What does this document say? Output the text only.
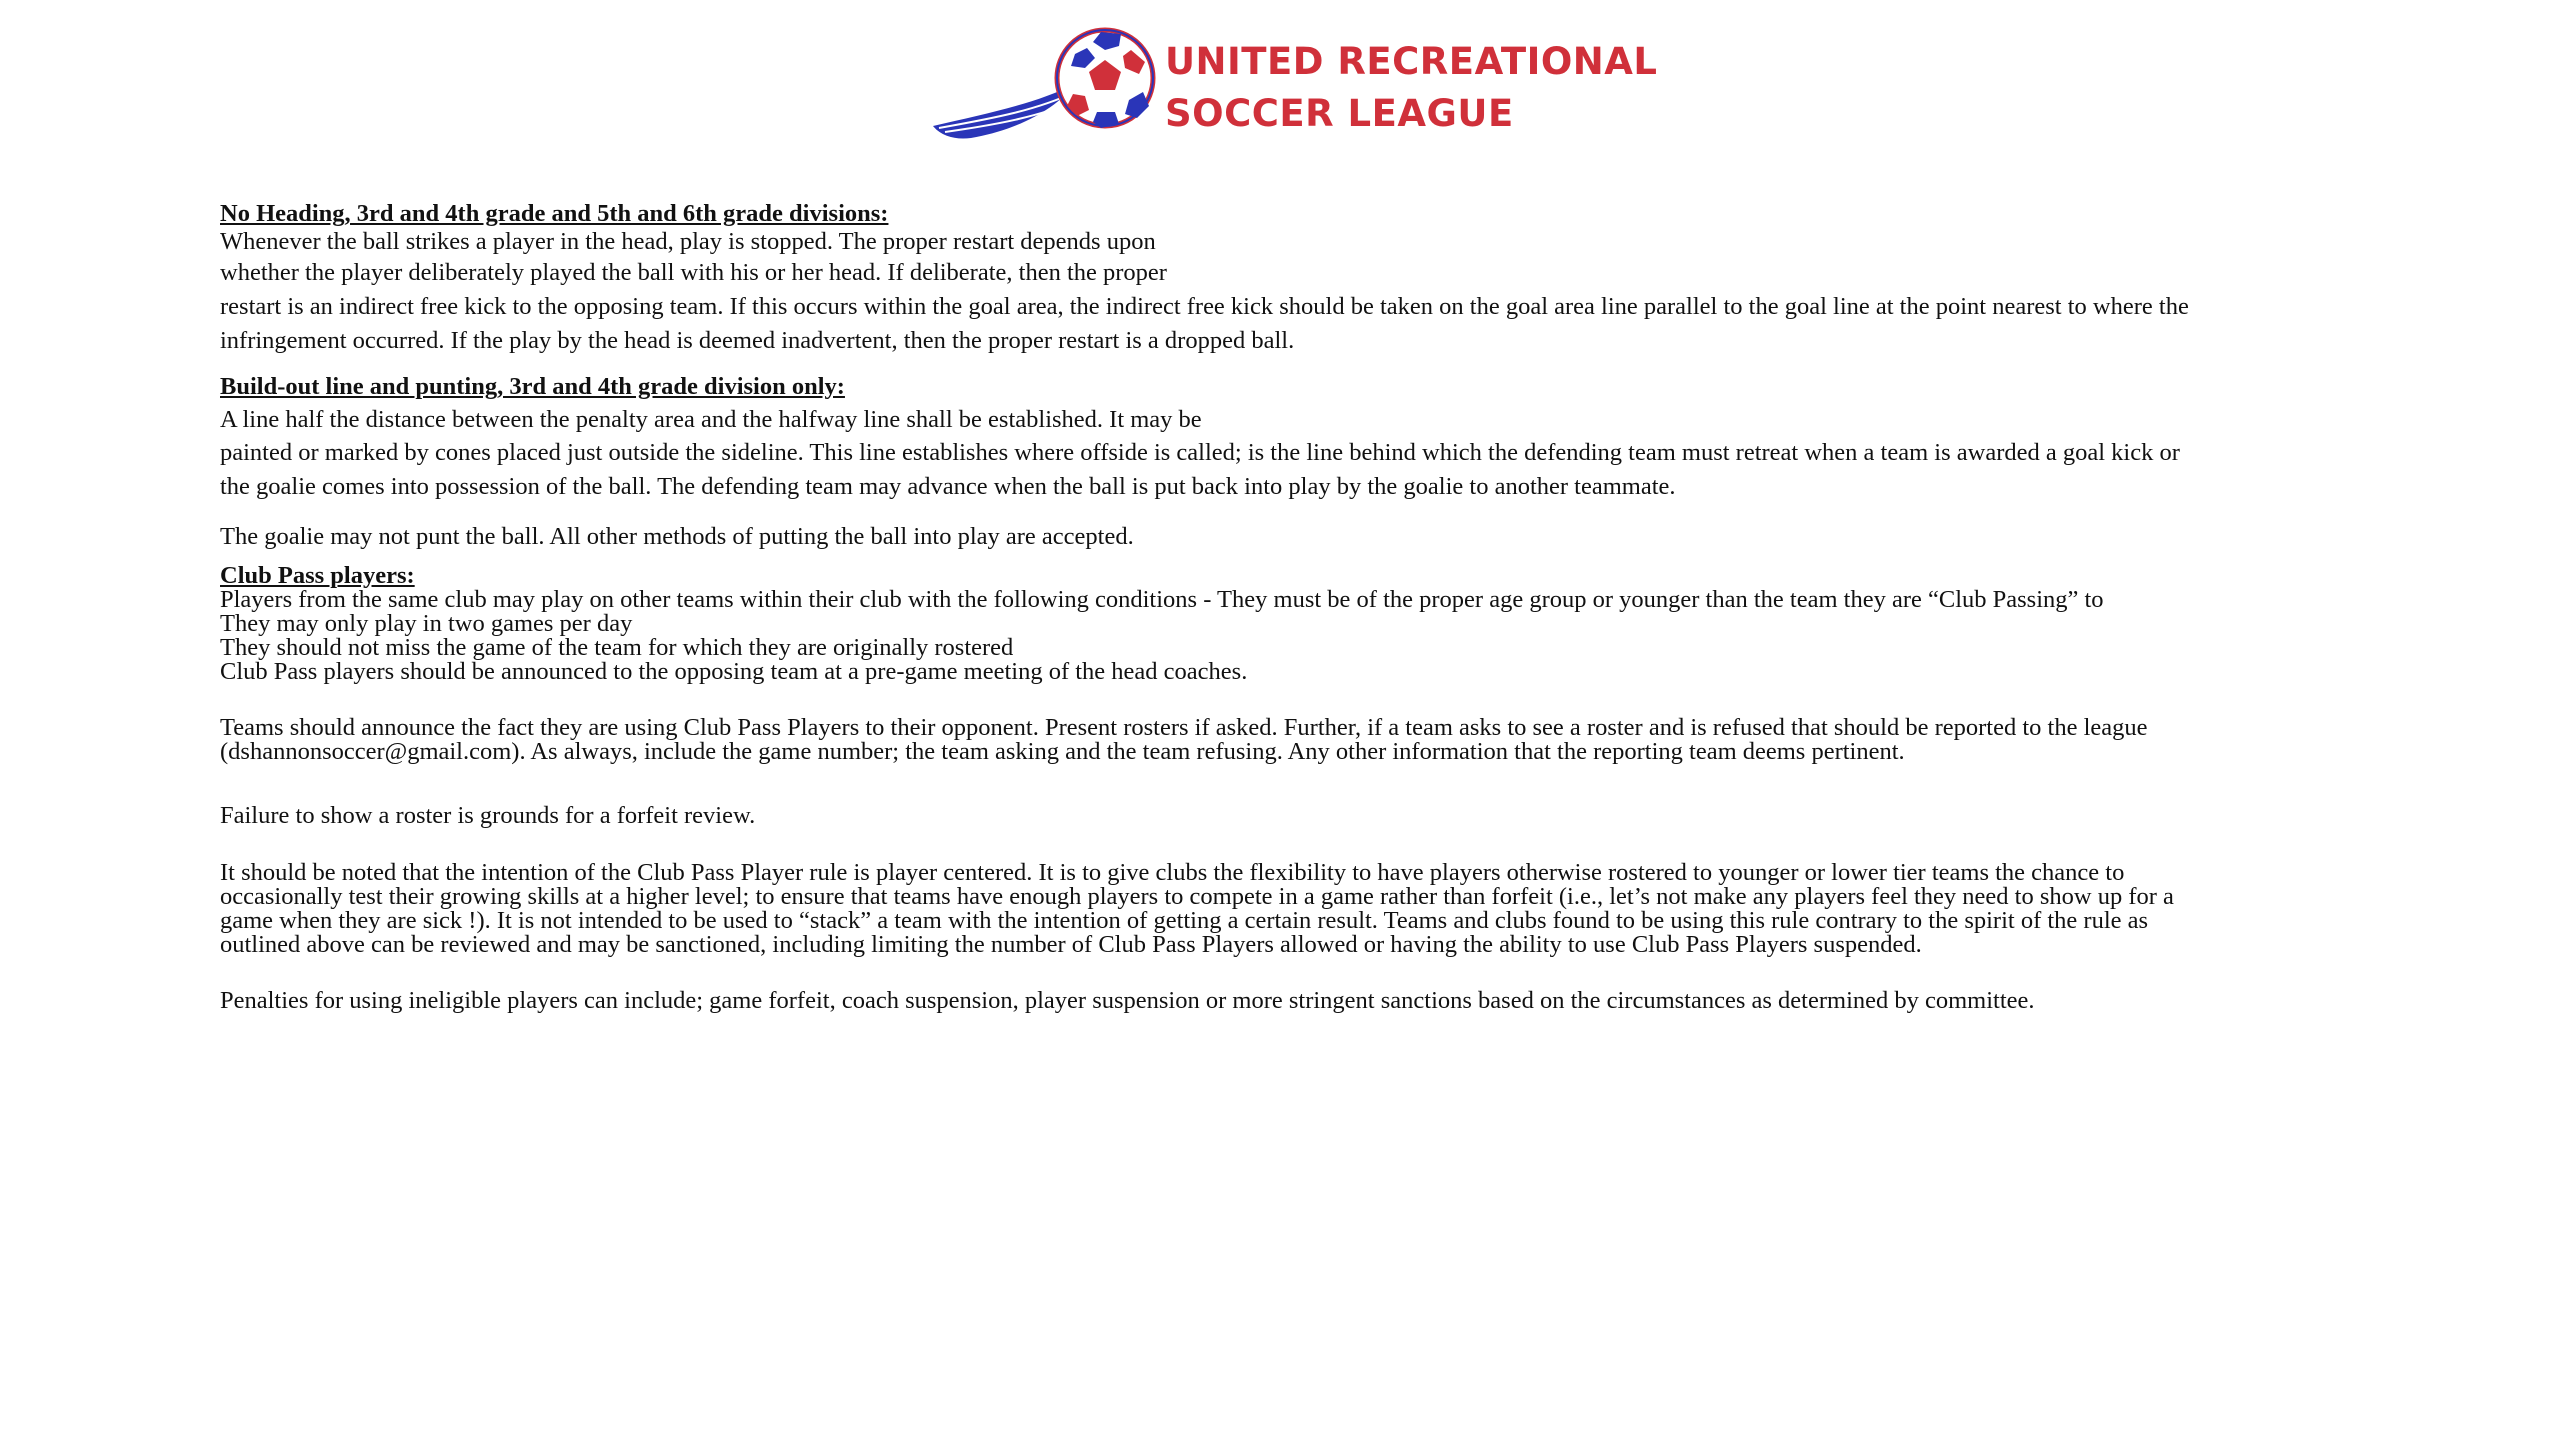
UNITED RECREATIONAL
SOCCER LEAGUE
No Heading, 3rd and 4th grade and 5th and 6th grade divisions:
Whenever the ball strikes a player in the head, play is stopped. The proper restart depends upon
whether the player deliberately played the ball with his or her head. If deliberate, then the proper
restart is an indirect free kick to the opposing team. If this occurs within the goal area, the indirect free kick should be taken on the goal area line parallel to the goal line at the point nearest to where the
infringement occurred. If the play by the head is deemed inadvertent, then the proper restart is a dropped ball.
Build-out line and punting, 3rd and 4th grade division only:
A line half the distance between the penalty area and the halfway line shall be established. It may be
painted or marked by cones placed just outside the sideline. This line establishes where offside is called; is the line behind which the defending team must retreat when a team is awarded a goal kick or
the goalie comes into possession of the ball. The defending team may advance when the ball is put back into play by the goalie to another teammate.
The goalie may not punt the ball. All other methods of putting the ball into play are accepted.
Club Pass players:
Players from the same club may play on other teams within their club with the following conditions - They must be of the proper age group or younger than the team they are “Club Passing” to
They may only play in two games per day
They should not miss the game of the team for which they are originally rostered
Club Pass players should be announced to the opposing team at a pre-game meeting of the head coaches.
Teams should announce the fact they are using Club Pass Players to their opponent. Present rosters if asked. Further, if a team asks to see a roster and is refused that should be reported to the league
(dshannonsoccer@gmail.com). As always, include the game number; the team asking and the team refusing. Any other information that the reporting team deems pertinent.
Failure to show a roster is grounds for a forfeit review.
It should be noted that the intention of the Club Pass Player rule is player centered. It is to give clubs the flexibility to have players otherwise rostered to younger or lower tier teams the chance to
occasionally test their growing skills at a higher level; to ensure that teams have enough players to compete in a game rather than forfeit (i.e., let’s not make any players feel they need to show up for a
game when they are sick !). It is not intended to be used to “stack” a team with the intention of getting a certain result. Teams and clubs found to be using this rule contrary to the spirit of the rule as
outlined above can be reviewed and may be sanctioned, including limiting the number of Club Pass Players allowed or having the ability to use Club Pass Players suspended.
Penalties for using ineligible players can include; game forfeit, coach suspension, player suspension or more stringent sanctions based on the circumstances as determined by committee.
